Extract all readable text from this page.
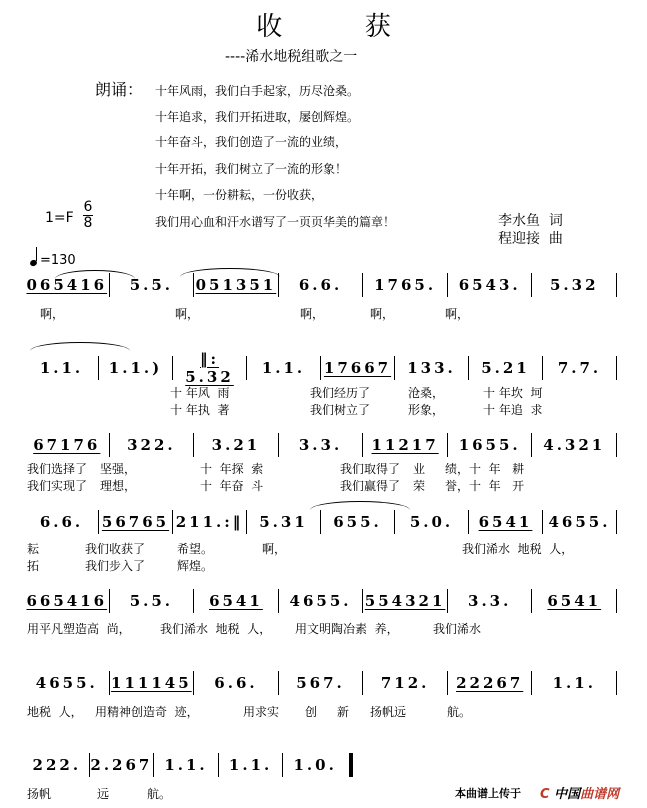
收  获
----浠水地税组歌之一
朗诵： 十年风雨，我们白手起家，历尽沧桑。
十年追求，我们开拓进取，屡创辉煌。
十年奋斗，我们创造了一流的业绩，
十年开拓，我们树立了一流的形象！
十年啊，一份耕耘，一份收获，
我们用心血和汗水谱写了一页页华美的篇章！
1=F
6
8	李水鱼  词
程迎接  曲
=130
065416	5.5.	051351	6.6.	1765.	6543.	5.32
啊，	啊，	啊，	啊，	啊，
1.1.	1.1.)	‖: 5.32	1.1.	17667	133.	5.21	7.7.
十 年风  雨	我们经历了	沧桑，	十 年坎  坷
十 年执  著	我们树立了	形象，	十 年追  求
67176	322.	3.21	3.3.	11217	1655.	4.321
我们选择了 坚强，	十  年探  索	我们取得了 业 绩，十  年   耕
我们实现了 理想，	十  年奋  斗	我们赢得了 荣 誉，十  年   开
6.6.	56765 211.:‖	5.31	655.	5.0.	6541	4655.
耘	我们收获了	希望。	啊，	我们浠水  地税  人，
拓	我们步入了	辉煌。
665416	5.5.	6541	4655. 554321	3.3.	6541
用平凡塑造高  尚， 我们浠水  地税  人， 用文明陶冶素  养，	我们浠水
4655. 111145	6.6.	567.	712.	22267	1.1.
地税  人， 用精神创造奇  迹，	用求实 创 新 扬帆远	航。
222. 2.267 1.1.	1.1.	1.0.
扬帆	远	航。	本曲谱上传于 C 中国曲谱网
